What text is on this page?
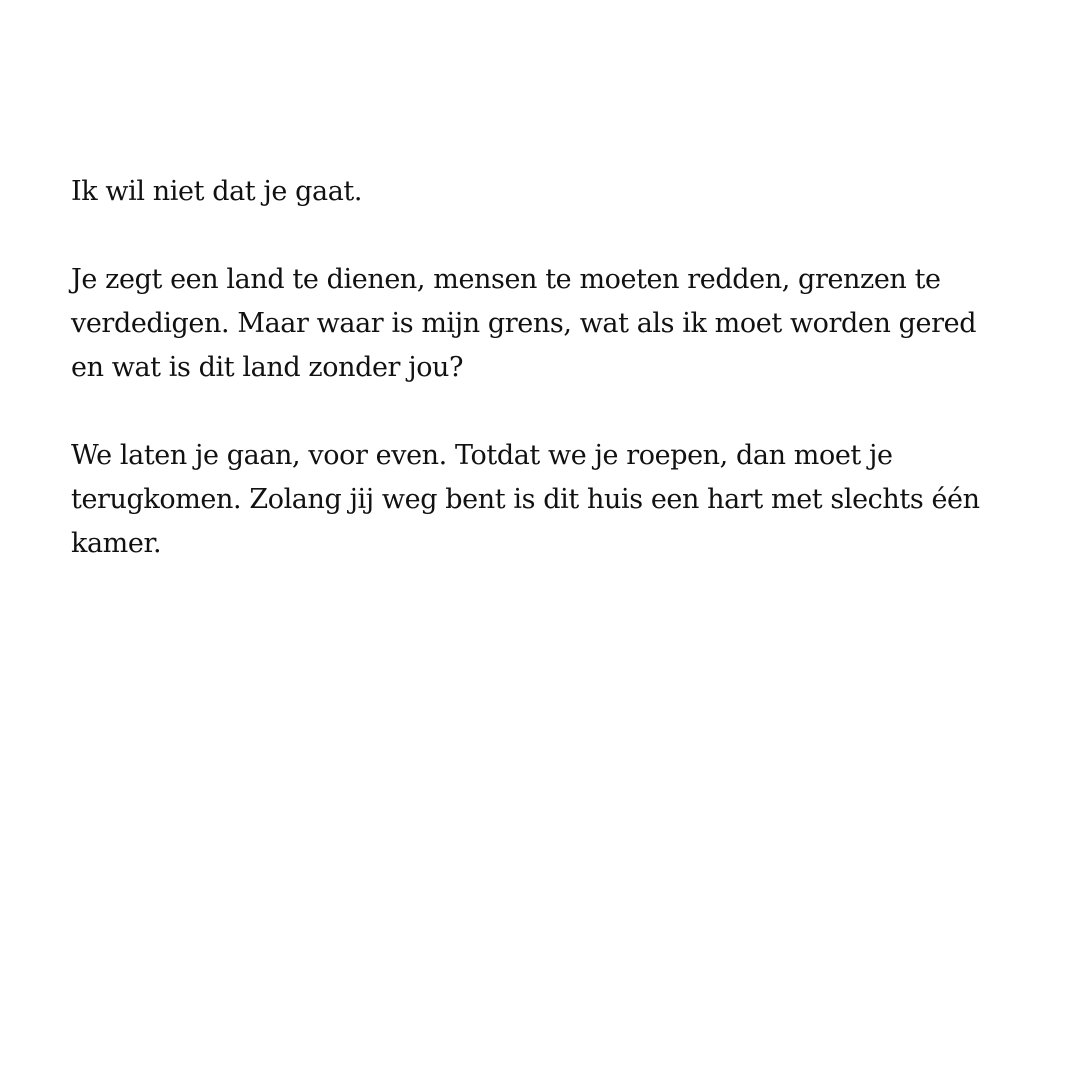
Ik wil niet dat je gaat.

Je zegt een land te dienen, mensen te moeten redden, grenzen te verdedigen. Maar waar is mijn grens, wat als ik moet worden gered en wat is dit land zonder jou?

We laten je gaan, voor even. Totdat we je roepen, dan moet je terugkomen. Zolang jij weg bent is dit huis een hart met slechts één kamer.
